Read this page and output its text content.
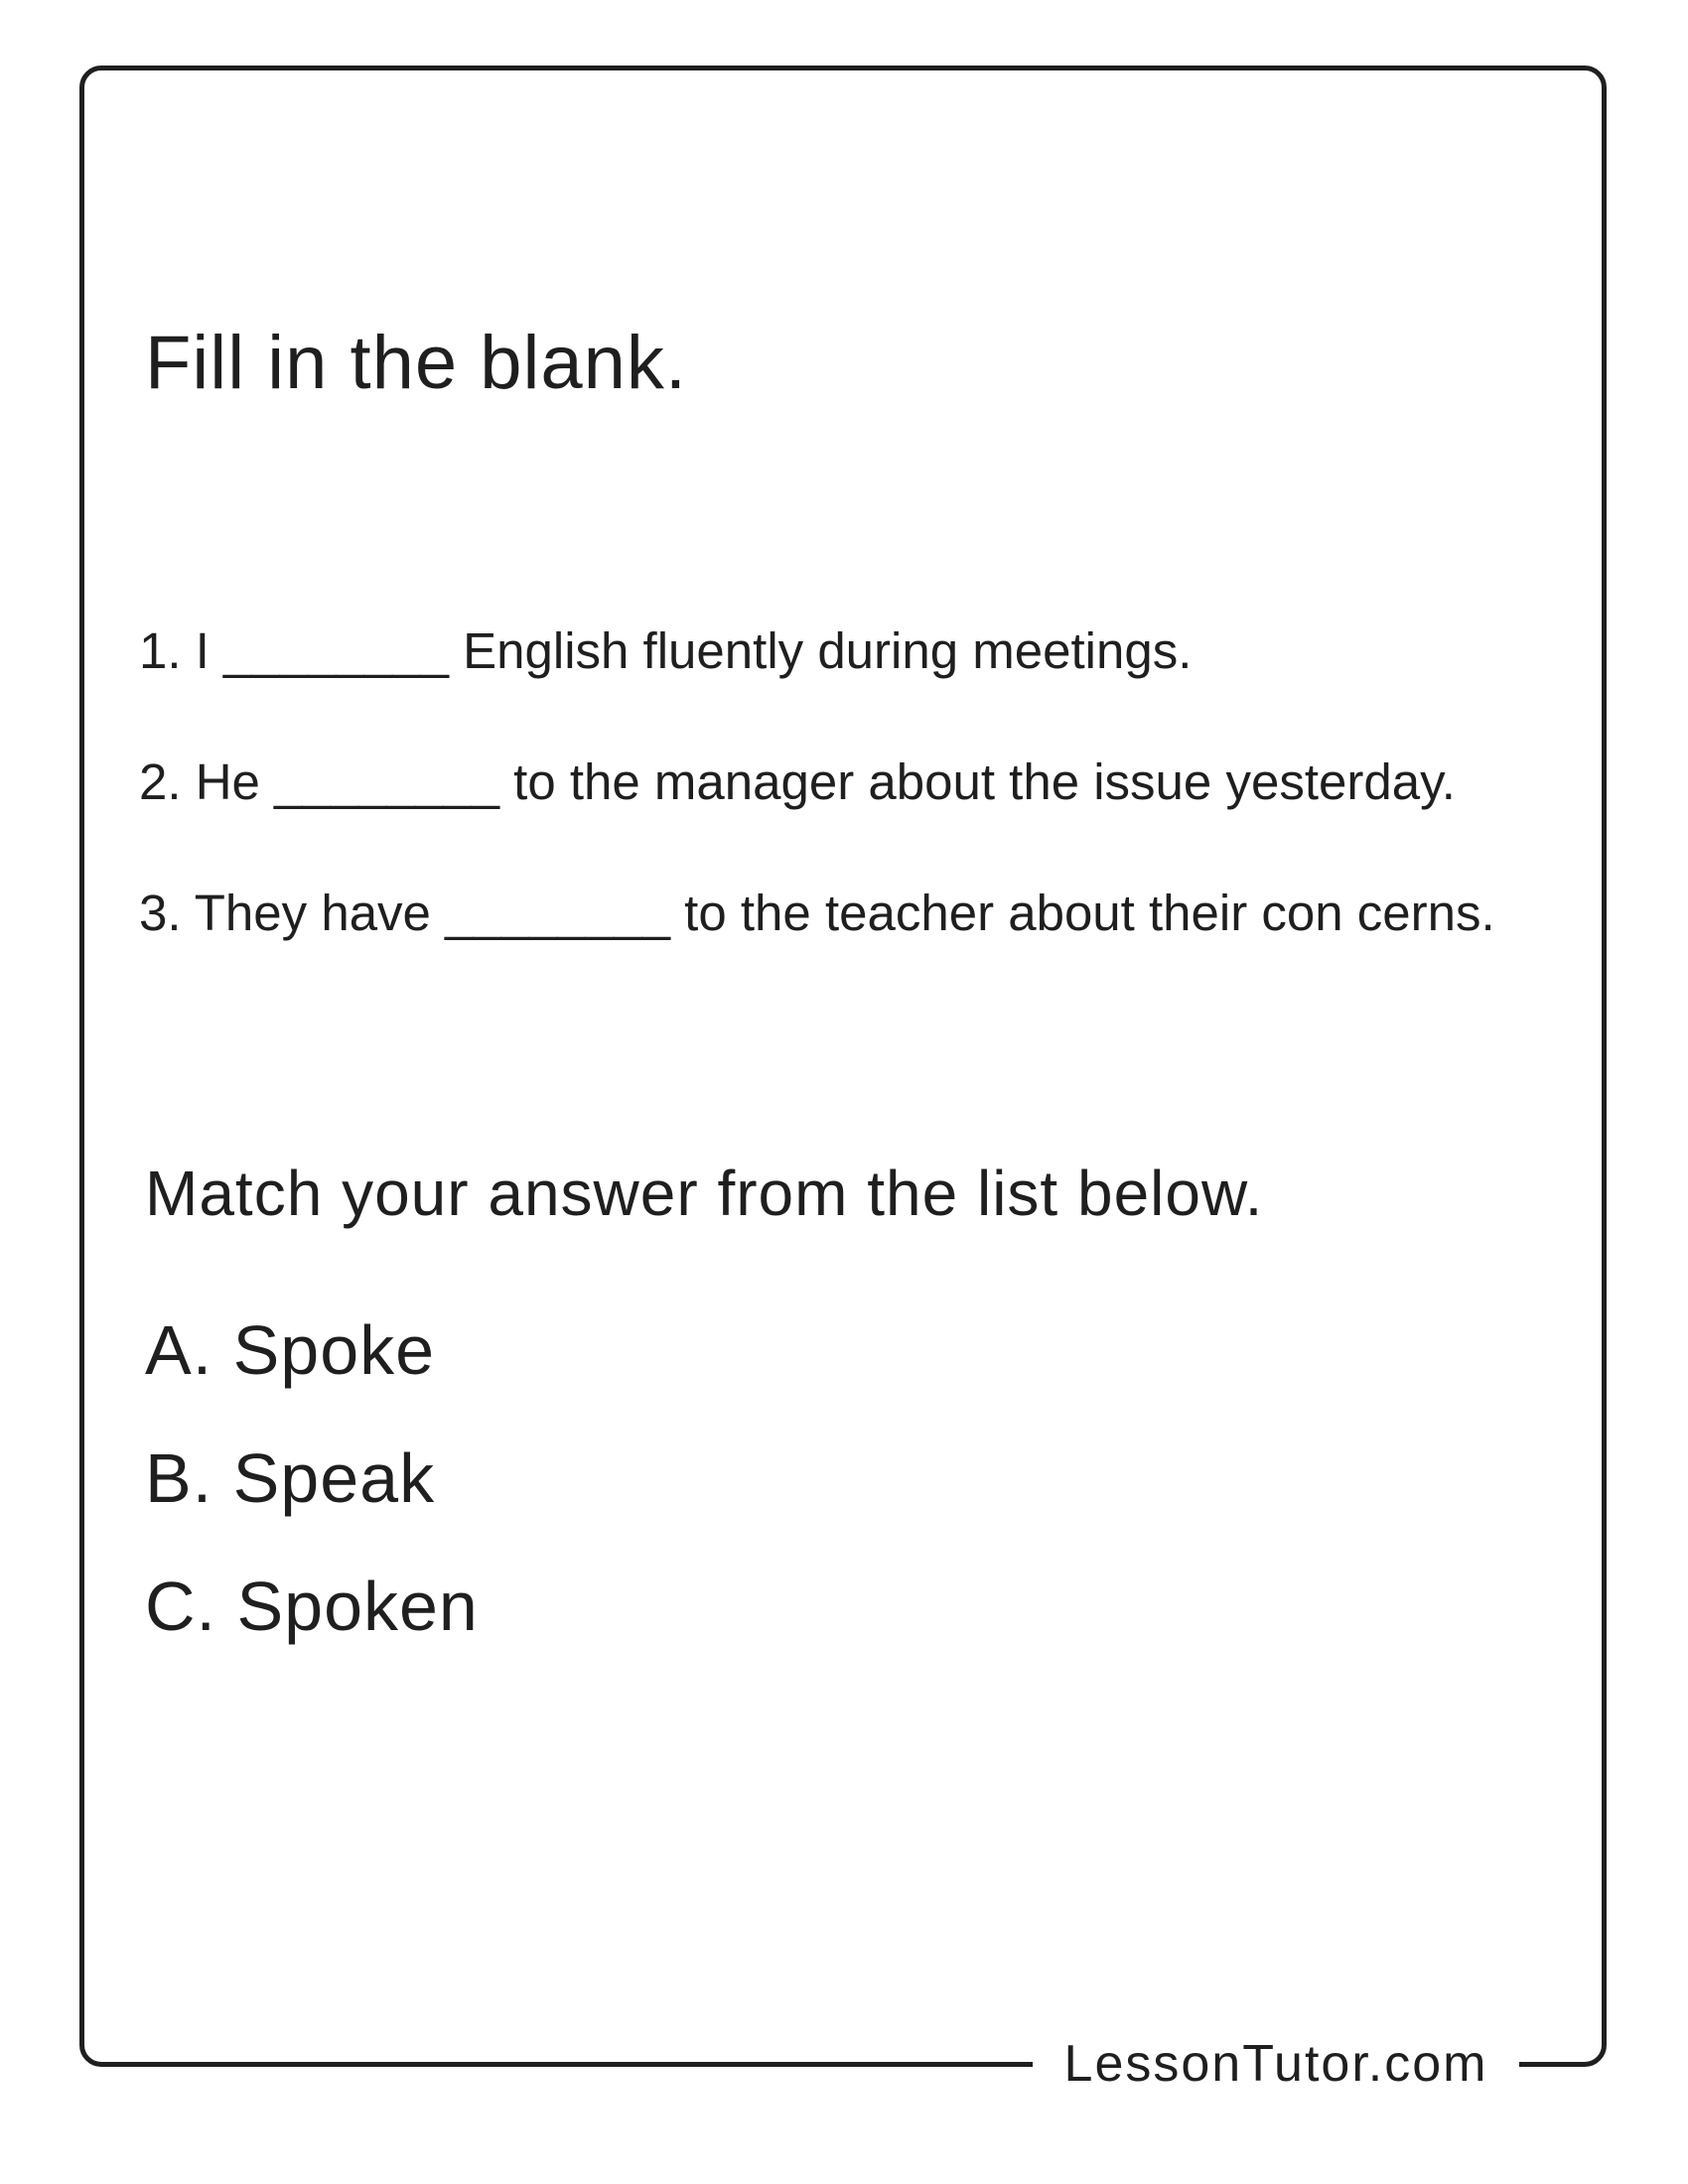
Fill in the blank.
1. I ________ English fluently during meetings.
2. He ________ to the manager about the issue yesterday.
3. They have ________ to the teacher about their con cerns.
Match your answer from the list below.
A. Spoke
B. Speak
C. Spoken
LessonTutor.com
